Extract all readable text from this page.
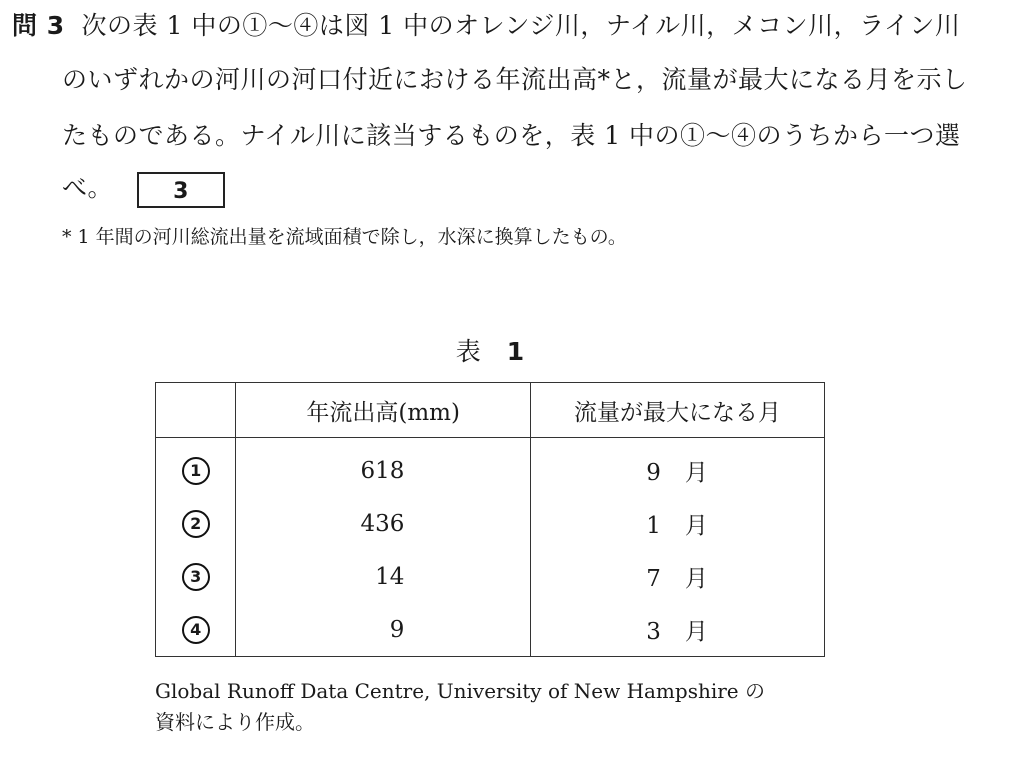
問 3 次の表 1 中の①〜④は図 1 中のオレンジ川，ナイル川，メコン川，ライン川
のいずれかの河川の河口付近における年流出高*と，流量が最大になる月を示し
たものである。ナイル川に該当するものを，表 1 中の①〜④のうちから一つ選
べ。	3
* 1 年間の河川総流出量を流域面積で除し，水深に換算したもの。
表 1
	年流出高(mm)	流量が最大になる月
1	618	9 月
2	436	1 月
3	14	7 月
4	9	3 月
Global Runoff Data Centre, University of New Hampshire の
資料により作成。
